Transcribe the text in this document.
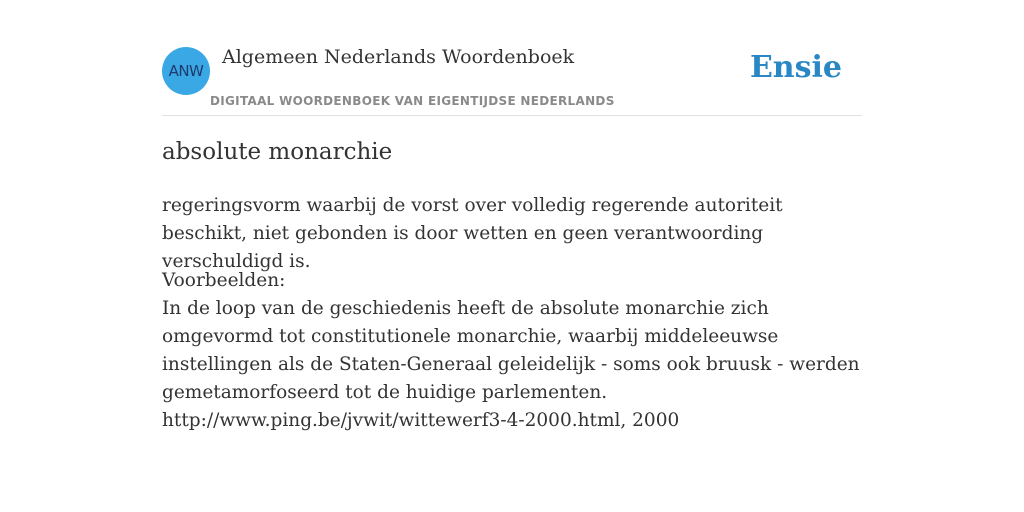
ANW
Algemeen Nederlands Woordenboek
DIGITAAL WOORDENBOEK VAN EIGENTIJDSE NEDERLANDS
Ensie
absolute monarchie

regeringsvorm waarbij de vorst over volledig regerende autoriteit beschikt, niet gebonden is door wetten en geen verantwoording verschuldigd is.

Voorbeelden:
In de loop van de geschiedenis heeft de absolute monarchie zich omgevormd tot constitutionele monarchie, waarbij middeleeuwse instellingen als de Staten-Generaal geleidelijk - soms ook bruusk - werden gemetamorfoseerd tot de huidige parlementen.
http://www.ping.be/jvwit/wittewerf3-4-2000.html, 2000
